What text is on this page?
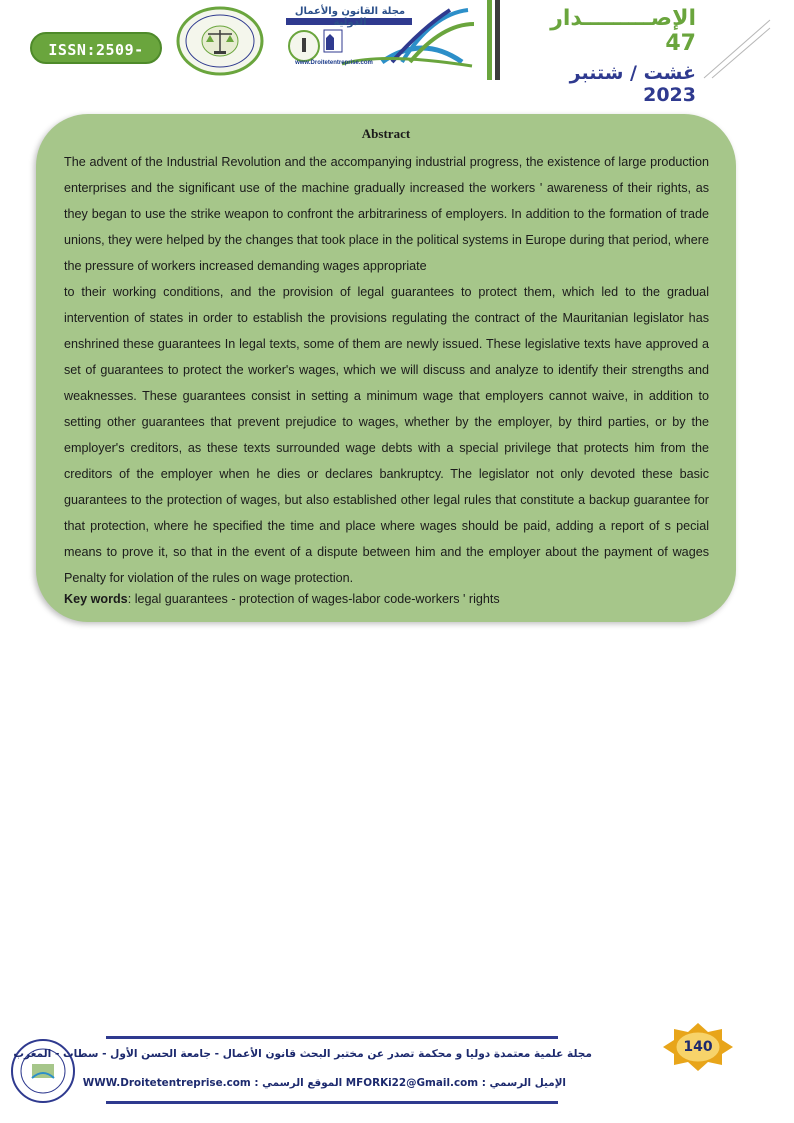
ISSN:2509-0291
مجلة القانون والأعمال الدولية
www.Droitetentreprise.com
الإصـــــــــدار 47
غشت / شتنبر 2023
Abstract

The advent of the Industrial Revolution and the accompanying industrial progress, the existence of large production enterprises and the significant use of the machine gradually increased the workers ' awareness of their rights, as they began to use the strike weapon to confront the arbitrariness of employers. In addition to the formation of trade unions, they were helped by the changes that took place in the political systems in Europe during that period, where the pressure of workers increased demanding wages appropriate

to their working conditions, and the provision of legal guarantees to protect them, which led to the gradual intervention of states in order to establish the provisions regulating the contract of the Mauritanian legislator has enshrined these guarantees In legal texts, some of them are newly issued. These legislative texts have approved a set of guarantees to protect the worker's wages, which we will discuss and analyze to identify their strengths and weaknesses. These guarantees consist in setting a minimum wage that employers cannot waive, in addition to setting other guarantees that prevent prejudice to wages, whether by the employer, by third parties, or by the employer's creditors, as these texts surrounded wage debts with a special privilege that protects him from the creditors of the employer when he dies or declares bankruptcy. The legislator not only devoted these basic guarantees to the protection of wages, but also established other legal rules that constitute a backup guarantee for that protection, where he specified the time and place where wages should be paid, adding a report of s pecial means to prove it, so that in the event of a dispute between him and the employer about the payment of wages Penalty for violation of the rules on wage protection.

Key words: legal guarantees - protection of wages-labor code-workers ' rights
مجلة علمية معتمدة دوليا و محكمة تصدر عن مختبر البحث قانون الأعمال - جامعة الحسن الأول - سطات - المغرب
الإميل الرسمي : MFORKi22@Gmail.com الموقع الرسمي : WWW.Droitetentreprise.com
140
